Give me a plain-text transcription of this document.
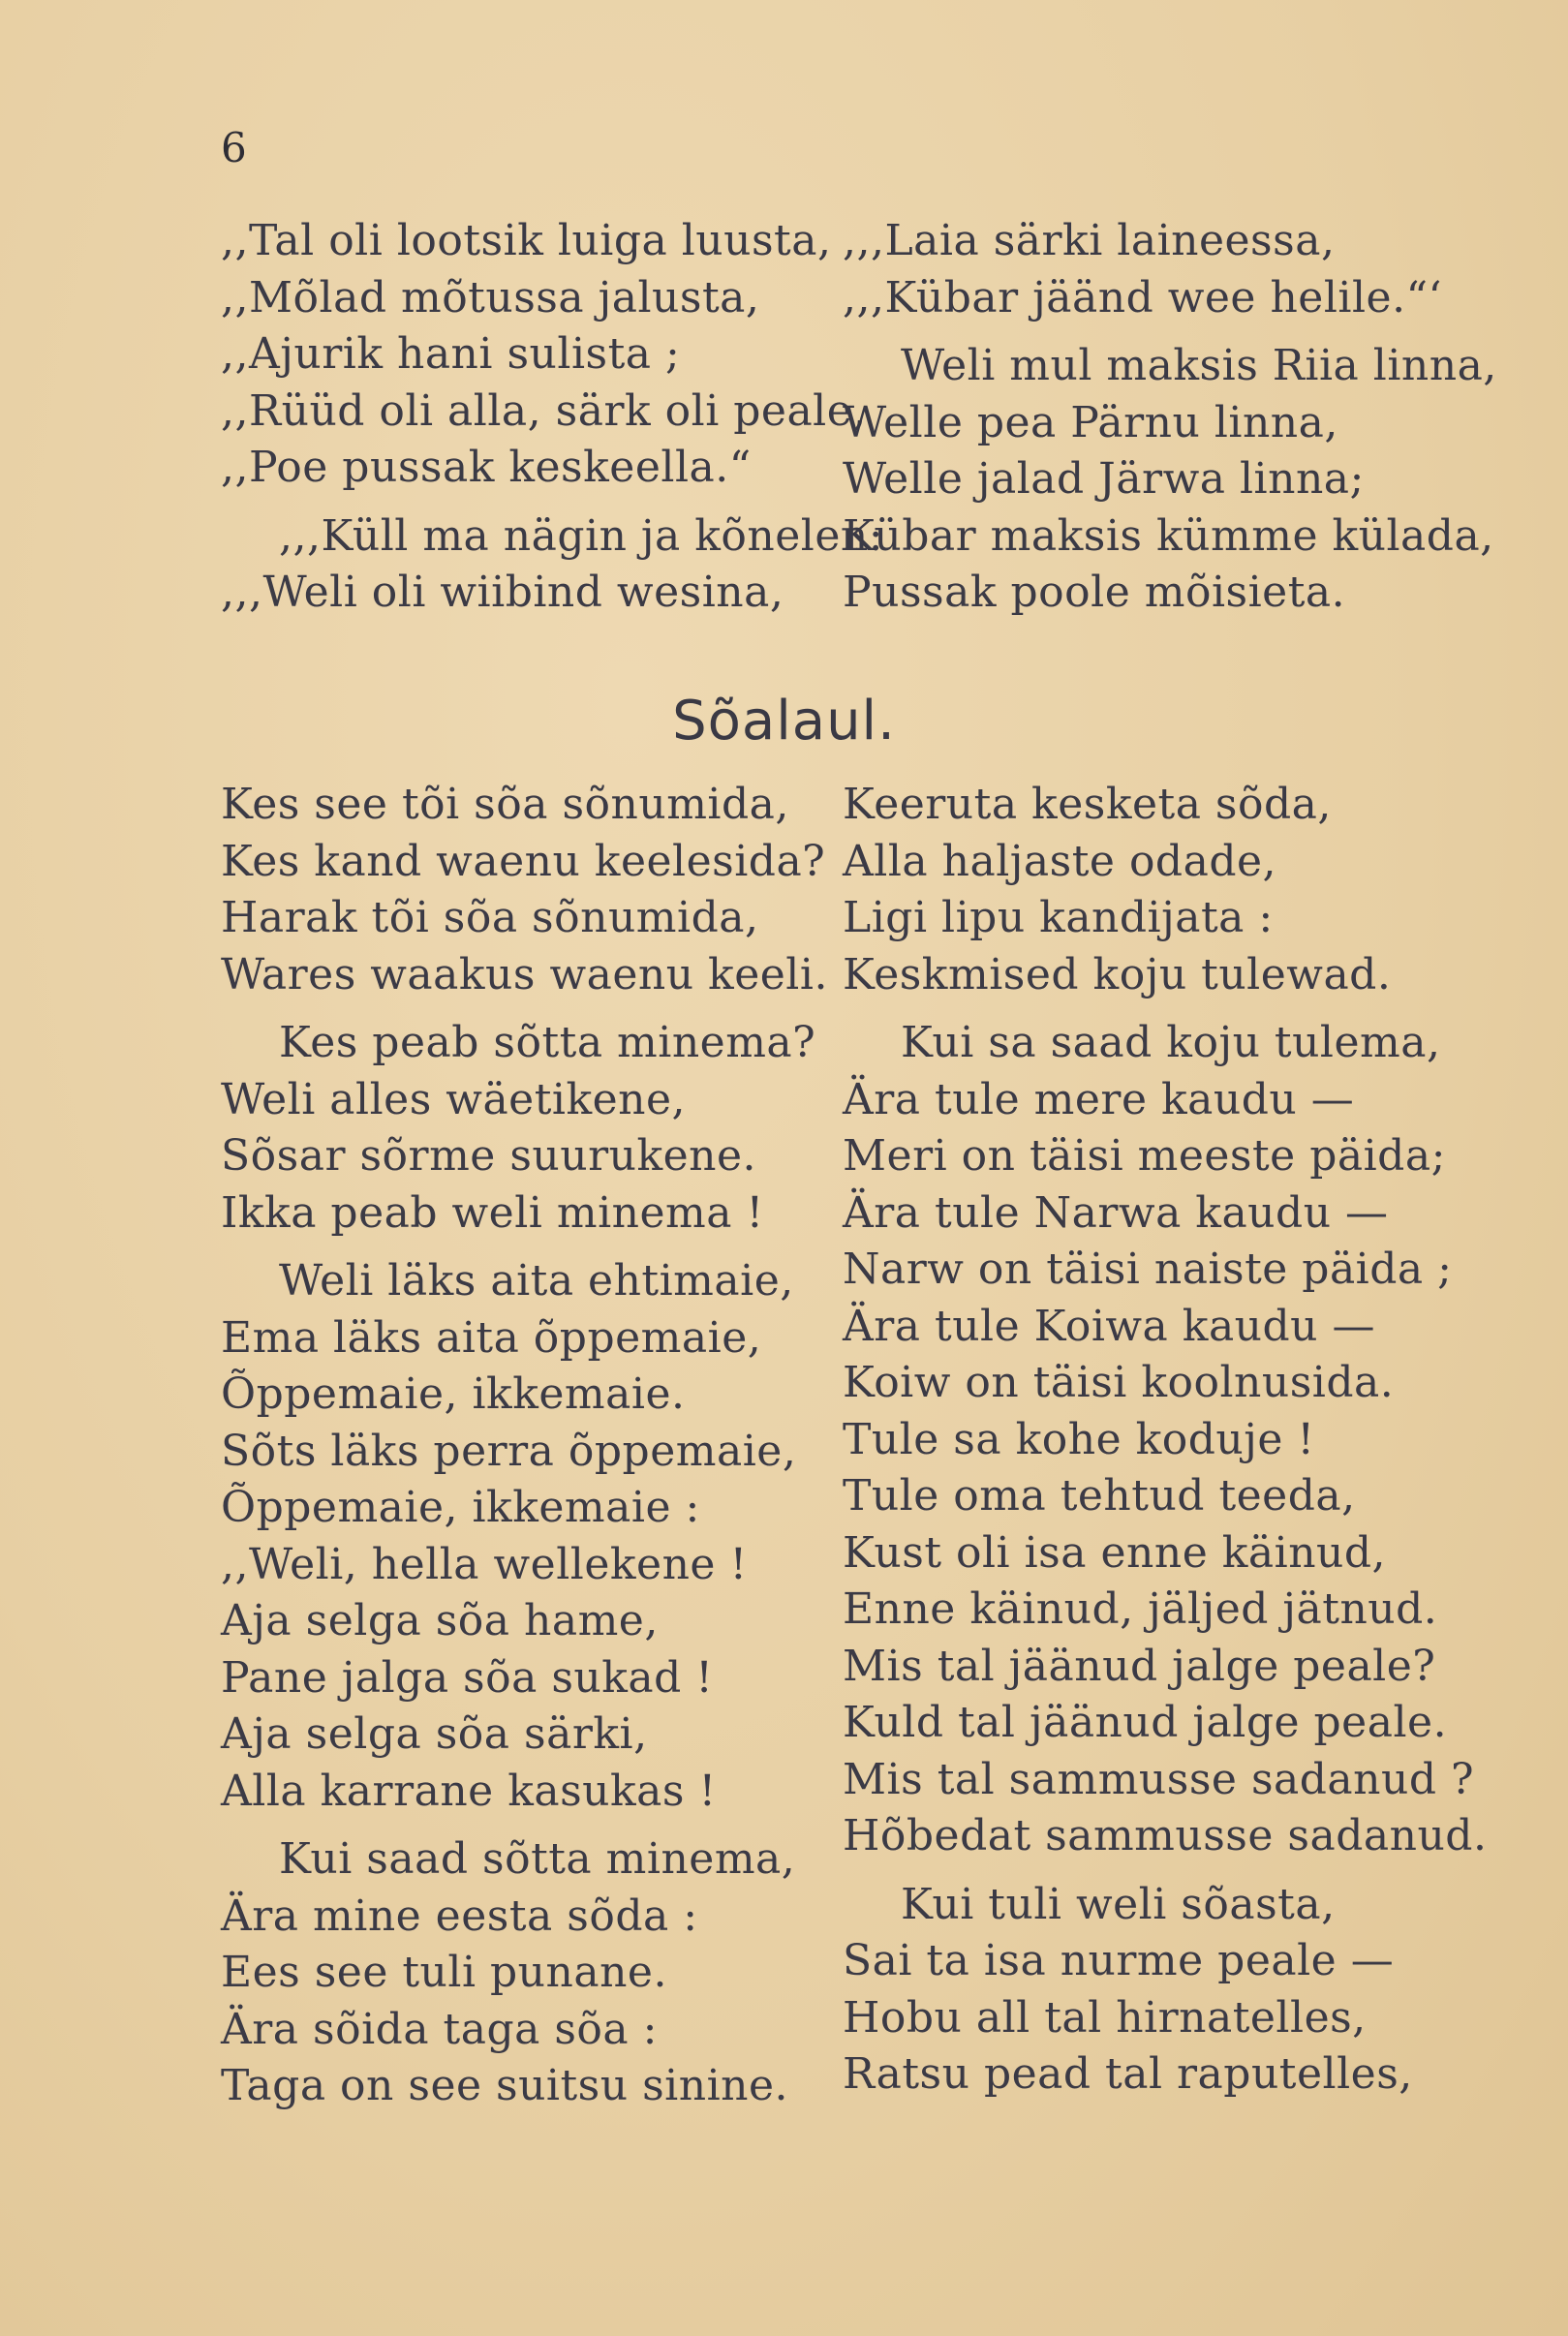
6
,,Tal oli lootsik luiga luusta,
,,Mõlad mõtussa jalusta,
,,Ajurik hani sulista ;
,,Rüüd oli alla, särk oli peale,
,,Poe pussak keskeella.“
,,,Küll ma nägin ja kõnelen:
,,,Weli oli wiibind wesina,
,,,Laia särki laineessa,
,,,Kübar jäänd wee helile.“‘
Weli mul maksis Riia linna,
Welle pea Pärnu linna,
Welle jalad Järwa linna;
Kübar maksis kümme külada,
Pussak poole mõisieta.
Sõalaul.
Kes see tõi sõa sõnumida,
Kes kand waenu keelesida?
Harak tõi sõa sõnumida,
Wares waakus waenu keeli.
Kes peab sõtta minema?
Weli alles wäetikene,
Sõsar sõrme suurukene.
Ikka peab weli minema !
Weli läks aita ehtimaie,
Ema läks aita õppemaie,
Õppemaie, ikkemaie.
Sõts läks perra õppemaie,
Õppemaie, ikkemaie :
,,Weli, hella wellekene !
Aja selga sõa hame,
Pane jalga sõa sukad !
Aja selga sõa särki,
Alla karrane kasukas !
Kui saad sõtta minema,
Ära mine eesta sõda :
Ees see tuli punane.
Ära sõida taga sõa :
Taga on see suitsu sinine.
Keeruta kesketa sõda,
Alla haljaste odade,
Ligi lipu kandijata :
Keskmised koju tulewad.
Kui sa saad koju tulema,
Ära tule mere kaudu —
Meri on täisi meeste päida;
Ära tule Narwa kaudu —
Narw on täisi naiste päida ;
Ära tule Koiwa kaudu —
Koiw on täisi koolnusida.
Tule sa kohe koduje !
Tule oma tehtud teeda,
Kust oli isa enne käinud,
Enne käinud, jäljed jätnud.
Mis tal jäänud jalge peale?
Kuld tal jäänud jalge peale.
Mis tal sammusse sadanud ?
Hõbedat sammusse sadanud.
Kui tuli weli sõasta,
Sai ta isa nurme peale —
Hobu all tal hirnatelles,
Ratsu pead tal raputelles,
